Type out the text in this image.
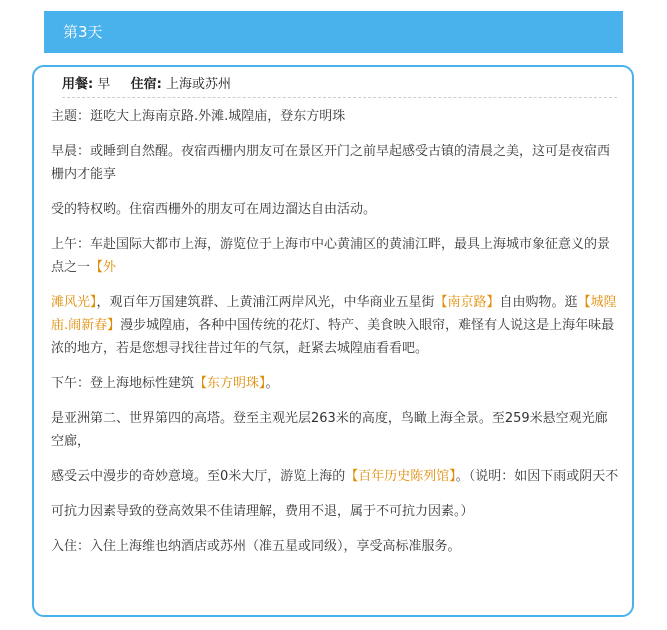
第3天
用餐: 早 住宿: 上海或苏州

主题：逛吃大上海南京路.外滩.城隍庙，登东方明珠

早晨：或睡到自然醒。夜宿西栅内朋友可在景区开门之前早起感受古镇的清晨之美，这可是夜宿西栅内才能享

受的特权哟。住宿西栅外的朋友可在周边溜达自由活动。

上午：车赴国际大都市上海，游览位于上海市中心黄浦区的黄浦江畔，最具上海城市象征意义的景点之一【外

滩风光】，观百年万国建筑群、上黄浦江两岸风光，中华商业五星街【南京路】自由购物。逛【城隍庙.闹新春】漫步城隍庙，各种中国传统的花灯、特产、美食映入眼帘，难怪有人说这是上海年味最浓的地方，若是您想寻找往昔过年的气氛，赶紧去城隍庙看看吧。

下午：登上海地标性建筑【东方明珠】。

是亚洲第二、世界第四的高塔。登至主观光层263米的高度，鸟瞰上海全景。至259米悬空观光廊空廊，

感受云中漫步的奇妙意境。至0米大厅，游览上海的【百年历史陈列馆】。（说明：如因下雨或阴天不

可抗力因素导致的登高效果不佳请理解，费用不退，属于不可抗力因素。）

入住：入住上海维也纳酒店或苏州（准五星或同级），享受高标准服务。
